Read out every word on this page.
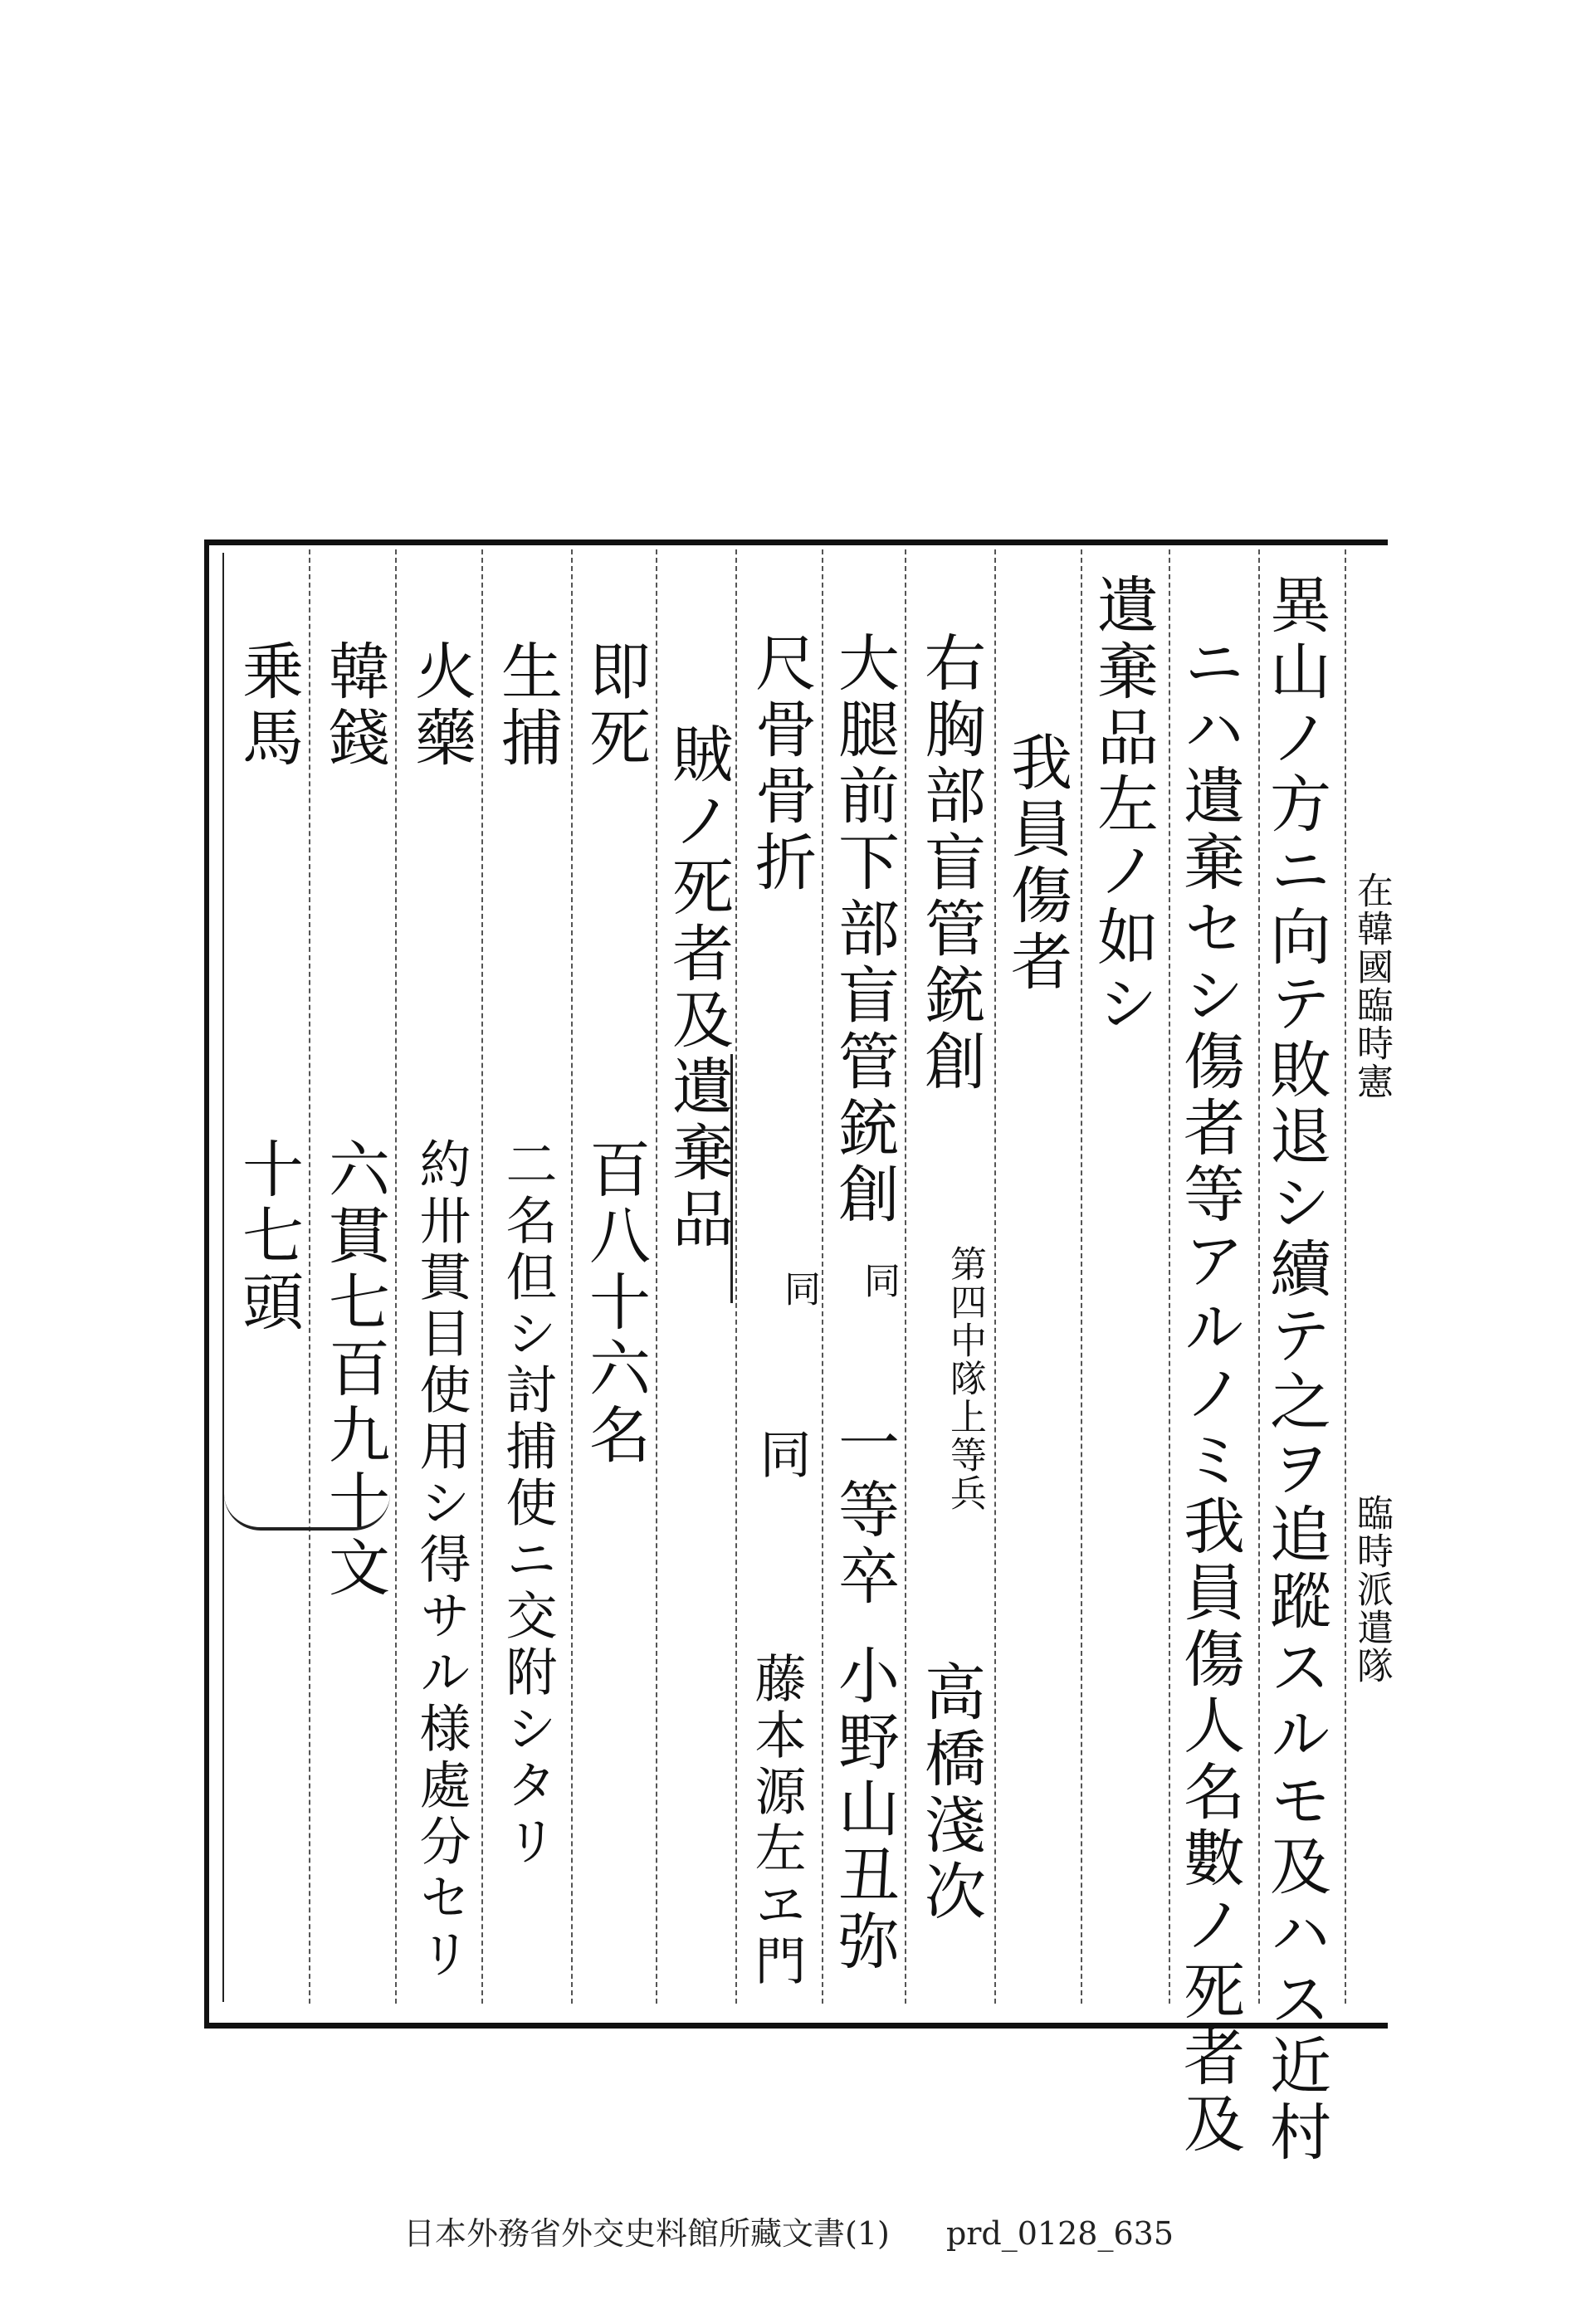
異山ノ方ニ向テ敗退シ續テ之ヲ追蹤スルモ及ハス近村
ニハ遺棄セシ傷者等アルノミ我員傷人名數ノ死者及
遺棄品左ノ如シ
我員傷者
右胸部盲管銃創
第四中隊上等兵
高橋淺次
大腿前下部盲管銃創
同
一等卒
小野山丑弥
尺骨骨折
同
同
藤本源左ヱ門
賊ノ死者及遺棄品
即死
百八十六名
生捕
二名但シ討捕使ニ交附シタリ
火藥
約卅貫目使用シ得サル様處分セリ
韓錢
六貫七百九十文
乗馬
十七頭
在韓國臨時憲
臨時派遣隊
日本外務省外交史料館所藏文書(1) prd_0128_635
